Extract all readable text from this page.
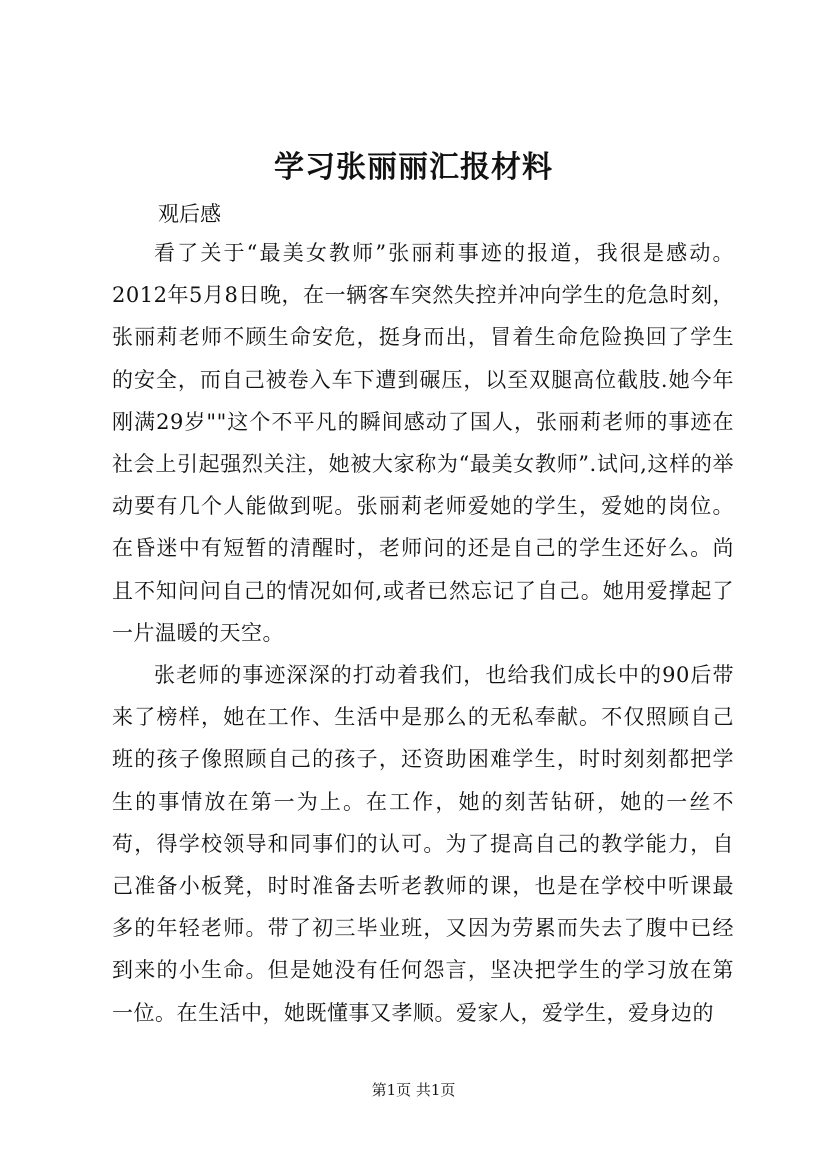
学习张丽丽汇报材料

观后感

看了关于“最美女教师”张丽莉事迹的报道，我很是感动。2012年5月8日晚，在一辆客车突然失控并冲向学生的危急时刻，张丽莉老师不顾生命安危，挺身而出，冒着生命危险换回了学生的安全，而自己被卷入车下遭到碾压，以至双腿高位截肢.她今年刚满29岁""这个不平凡的瞬间感动了国人，张丽莉老师的事迹在社会上引起强烈关注，她被大家称为“最美女教师”.试问,这样的举动要有几个人能做到呢。张丽莉老师爱她的学生，爱她的岗位。在昏迷中有短暂的清醒时，老师问的还是自己的学生还好么。尚且不知问问自己的情况如何,或者已然忘记了自己。她用爱撑起了一片温暖的天空。

张老师的事迹深深的打动着我们，也给我们成长中的90后带来了榜样，她在工作、生活中是那么的无私奉献。不仅照顾自己班的孩子像照顾自己的孩子，还资助困难学生，时时刻刻都把学生的事情放在第一为上。在工作，她的刻苦钻研，她的一丝不苟，得学校领导和同事们的认可。为了提高自己的教学能力，自己准备小板凳，时时准备去听老教师的课，也是在学校中听课最多的年轻老师。带了初三毕业班，又因为劳累而失去了腹中已经到来的小生命。但是她没有任何怨言，坚决把学生的学习放在第一位。在生活中，她既懂事又孝顺。爱家人，爱学生，爱身边的

第1页 共1页
